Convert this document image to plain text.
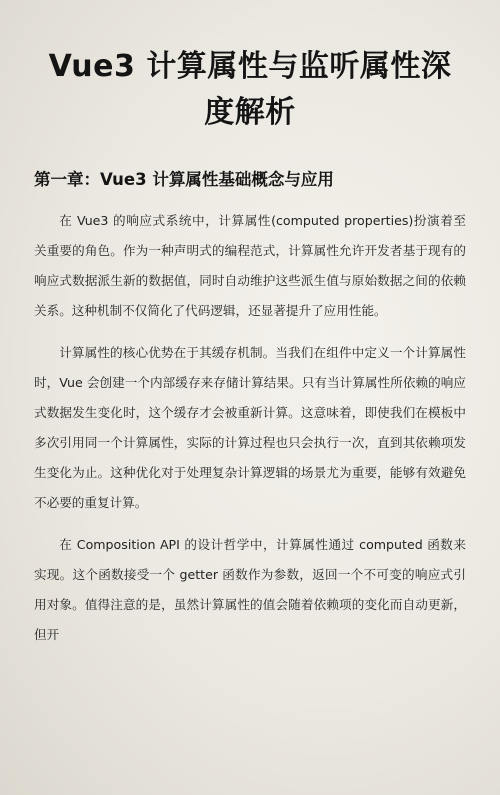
Vue3 计算属性与监听属性深度解析
第一章：Vue3 计算属性基础概念与应用

在 Vue3 的响应式系统中，计算属性(computed properties)扮演着至关重要的角色。作为一种声明式的编程范式，计算属性允许开发者基于现有的响应式数据派生新的数据值，同时自动维护这些派生值与原始数据之间的依赖关系。这种机制不仅简化了代码逻辑，还显著提升了应用性能。

计算属性的核心优势在于其缓存机制。当我们在组件中定义一个计算属性时，Vue 会创建一个内部缓存来存储计算结果。只有当计算属性所依赖的响应式数据发生变化时，这个缓存才会被重新计算。这意味着，即使我们在模板中多次引用同一个计算属性，实际的计算过程也只会执行一次，直到其依赖项发生变化为止。这种优化对于处理复杂计算逻辑的场景尤为重要，能够有效避免不必要的重复计算。

在 Composition API 的设计哲学中，计算属性通过 computed 函数来实现。这个函数接受一个 getter 函数作为参数，返回一个不可变的响应式引用对象。值得注意的是，虽然计算属性的值会随着依赖项的变化而自动更新，但开
